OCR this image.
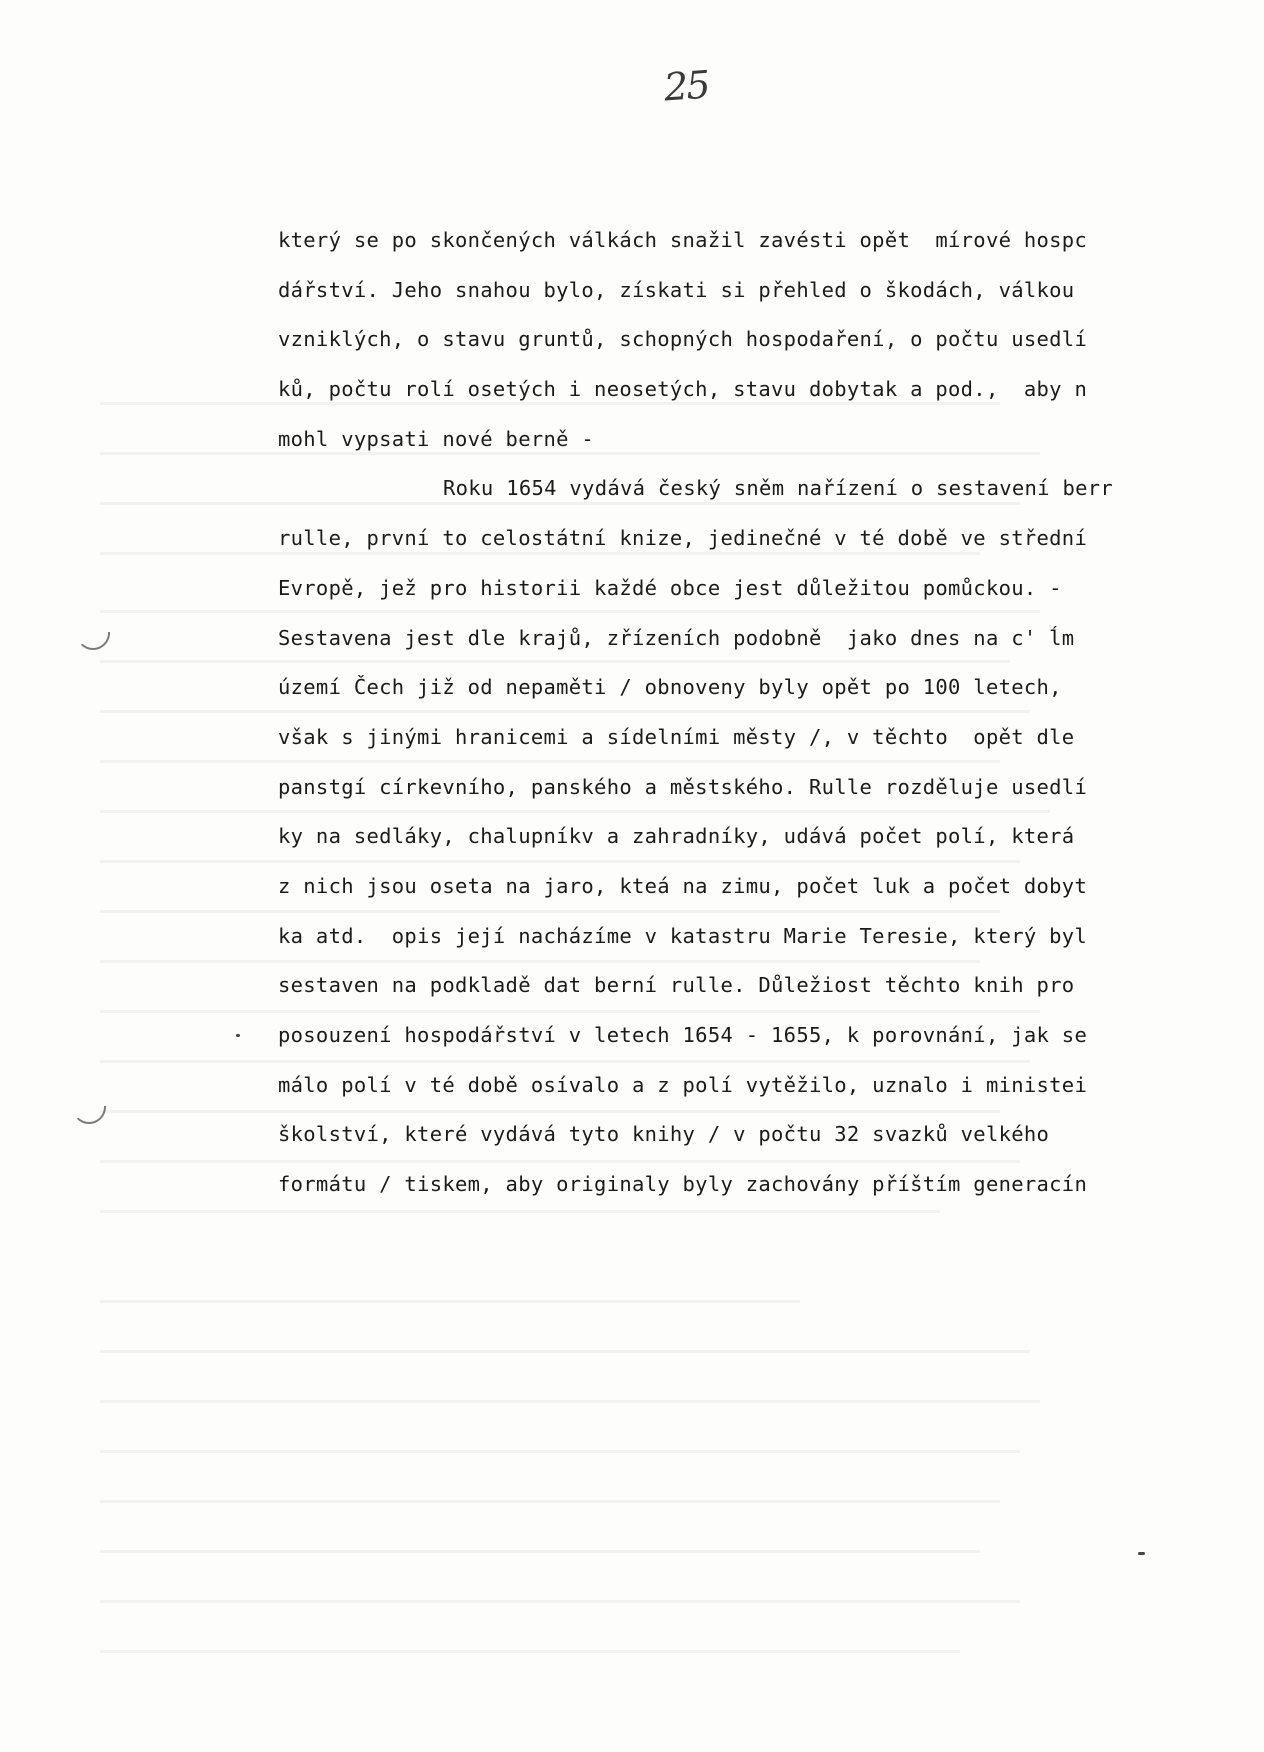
25
který se po skončených válkách snažil zavésti opět  mírové hospc
dářství. Jeho snahou bylo, získati si přehled o škodách, válkou
vzniklých, o stavu gruntů, schopných hospodaření, o počtu usedlí
ků, počtu rolí osetých i neosetých, stavu dobytak a pod.,  aby n
mohl vypsati nové berně -
Roku 1654 vydává český sněm nařízení o sestavení berr
rulle, první to celostátní knize, jedinečné v té době ve střední
Evropě, jež pro historii každé obce jest důležitou pomůckou. -
Sestavena jest dle krajů, zřízeních podobně  jako dnes na c' ĺm
území Čech již od nepaměti / obnoveny byly opět po 100 letech,
však s jinými hranicemi a sídelními městy /, v těchto  opět dle
panstgí církevního, panského a městského. Rulle rozděluje usedlí
ky na sedláky, chalupníkv a zahradníky, udává počet polí, která
z nich jsou oseta na jaro, kteá na zimu, počet luk a počet dobyt
ka atd.  opis její nacházíme v katastru Marie Teresie, který byl
sestaven na podkladě dat berní rulle. Důležiost těchto knih pro
posouzení hospodářství v letech 1654 - 1655, k porovnání, jak se
málo polí v té době osívalo a z polí vytěžilo, uznalo i ministei
školství, které vydává tyto knihy / v počtu 32 svazků velkého
formátu / tiskem, aby originaly byly zachovány příštím generacín
